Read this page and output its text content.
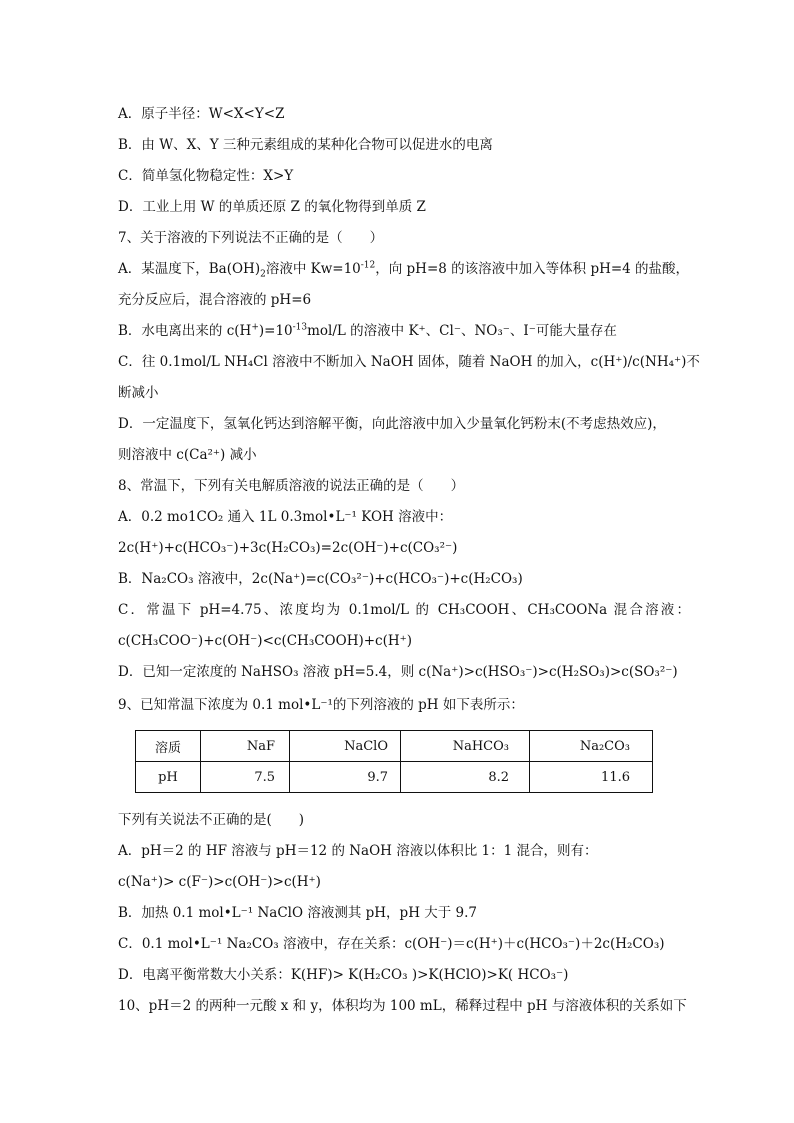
A．原子半径：W<X<Y<Z
B．由 W、X、Y 三种元素组成的某种化合物可以促进水的电离
C．简单氢化物稳定性：X>Y
D．工业上用 W 的单质还原 Z 的氧化物得到单质 Z
7、关于溶液的下列说法不正确的是（　　）
A．某温度下，$Ba(OH)_2$溶液中 $Kw=10^{-12}$，向 pH=8 的该溶液中加入等体积 pH=4 的盐酸，
充分反应后，混合溶液的 pH=6
B．水电离出来的 $c(H^+)=10^{-13}mol/L$ 的溶液中 K⁺、Cl⁻、NO₃⁻、I⁻可能大量存在
C．往 0.1mol/L NH₄Cl 溶液中不断加入 NaOH 固体，随着 NaOH 的加入，c(H⁺)/c(NH₄⁺)不
断减小
D．一定温度下，氢氧化钙达到溶解平衡，向此溶液中加入少量氧化钙粉末(不考虑热效应)，
则溶液中 c(Ca²⁺) 减小
8、常温下，下列有关电解质溶液的说法正确的是（　　）
A．0.2 mo1CO₂ 通入 1L 0.3mol•L⁻¹ KOH 溶液中：
2c(H⁺)+c(HCO₃⁻)+3c(H₂CO₃)=2c(OH⁻)+c(CO₃²⁻)
B．Na₂CO₃ 溶液中，2c(Na⁺)=c(CO₃²⁻)+c(HCO₃⁻)+c(H₂CO₃)
C．常温下 pH=4.75、浓度均为 0.1mol/L 的 CH₃COOH、CH₃COONa 混合溶液：
c(CH₃COO⁻)+c(OH⁻)<c(CH₃COOH)+c(H⁺)
D．已知一定浓度的 NaHSO₃ 溶液 pH=5.4，则 c(Na⁺)>c(HSO₃⁻)>c(H₂SO₃)>c(SO₃²⁻)
9、已知常温下浓度为 0.1 mol•L⁻¹的下列溶液的 pH 如下表所示：
溶质	NaF	NaClO	NaHCO₃	Na₂CO₃
pH	7.5	9.7	8.2	11.6
下列有关说法不正确的是(　　)
A．pH＝2 的 HF 溶液与 pH＝12 的 NaOH 溶液以体积比 1：1 混合，则有：
c(Na⁺)> c(F⁻)>c(OH⁻)>c(H⁺)
B．加热 0.1 mol•L⁻¹ NaClO 溶液测其 pH，pH 大于 9.7
C．0.1 mol•L⁻¹ Na₂CO₃ 溶液中，存在关系：c(OH⁻)＝c(H⁺)＋c(HCO₃⁻)＋2c(H₂CO₃)
D．电离平衡常数大小关系：K(HF)> K(H₂CO₃ )>K(HClO)>K( HCO₃⁻)
10、pH＝2 的两种一元酸 x 和 y，体积均为 100 mL，稀释过程中 pH 与溶液体积的关系如下
